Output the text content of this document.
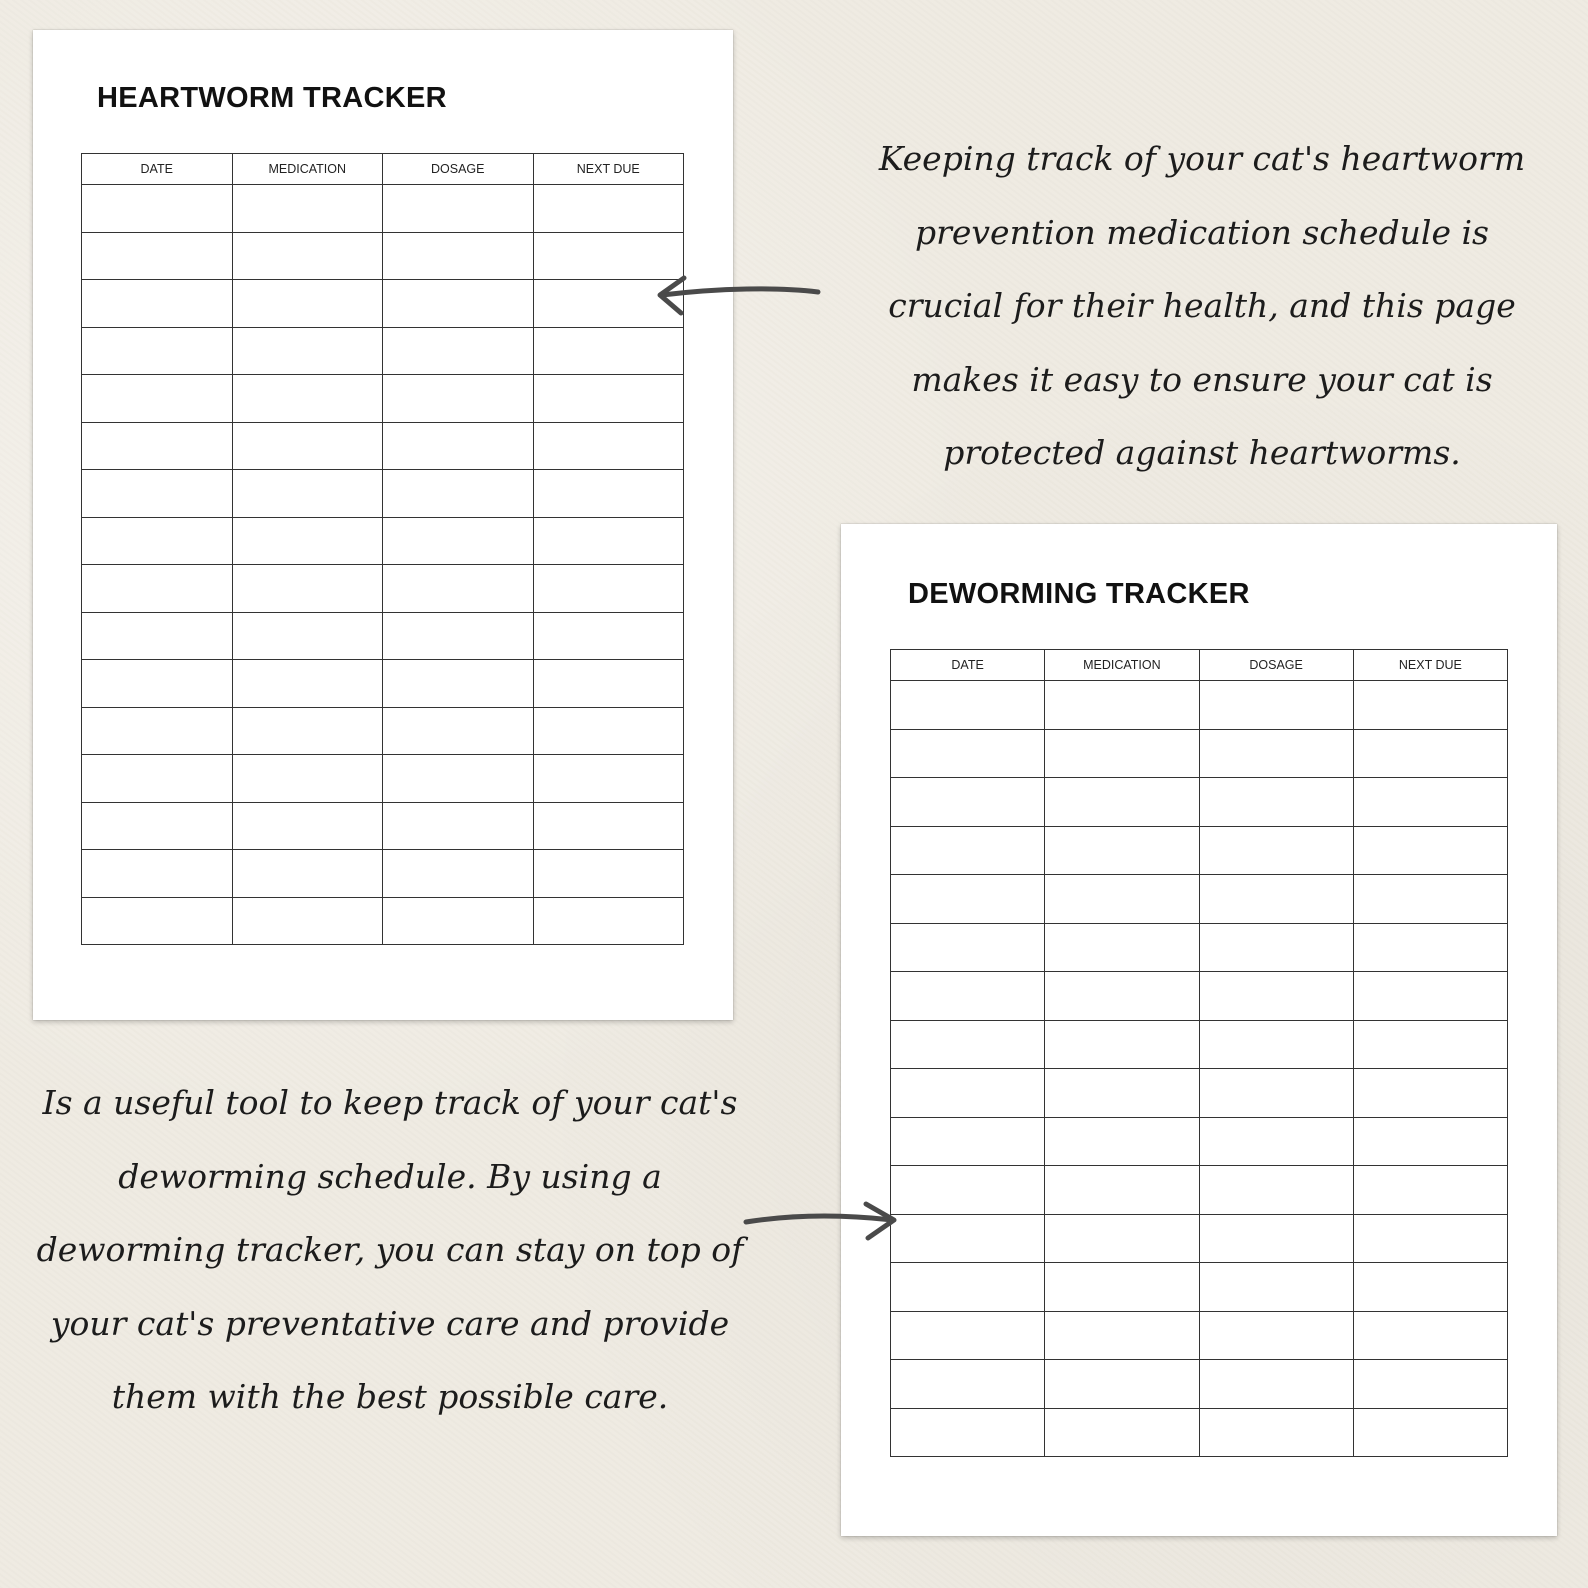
HEARTWORM TRACKER
DATE	MEDICATION	DOSAGE	NEXT DUE

				Keeping track of your cat's heartworm prevention medication schedule is crucial for their health, and this page makes it easy to ensure your cat is protected against heartworms.

DEWORMING TRACKER
DATE	MEDICATION	DOSAGE	NEXT DUE

Is a useful tool to keep track of your cat's deworming schedule. By using a deworming tracker, you can stay on top of your cat's preventative care and provide them with the best possible care.
